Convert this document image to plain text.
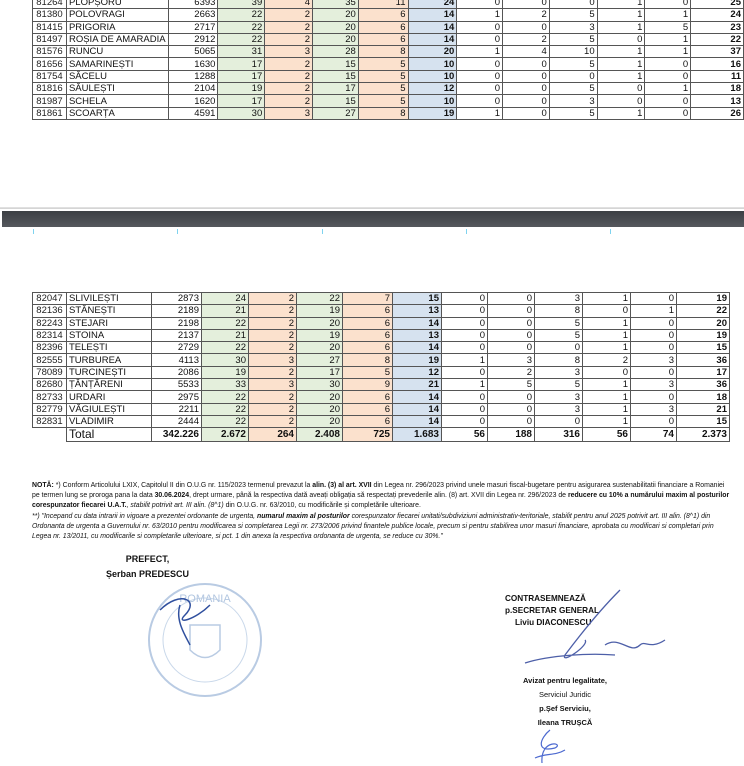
81264	PLOPȘORU	6393	39	4	35	11	24	0	0	0	1	0	25
81380	POLOVRAGI	2663	22	2	20	6	14	1	2	5	1	1	24
81415	PRIGORIA	2717	22	2	20	6	14	0	0	3	1	5	23
81497	ROȘIA DE AMARADIA	2912	22	2	20	6	14	0	2	5	0	1	22
81576	RUNCU	5065	31	3	28	8	20	1	4	10	1	1	37
81656	SAMARINEȘTI	1630	17	2	15	5	10	0	0	5	1	0	16
81754	SĂCELU	1288	17	2	15	5	10	0	0	0	1	0	11
81816	SĂULEȘTI	2104	19	2	17	5	12	0	0	5	0	1	18
81987	SCHELA	1620	17	2	15	5	10	0	0	3	0	0	13
81861	SCOARȚA	4591	30	3	27	8	19	1	0	5	1	0	26
82047	SLIVILEȘTI	2873	24	2	22	7	15	0	0	3	1	0	19
82136	STĂNEȘTI	2189	21	2	19	6	13	0	0	8	0	1	22
82243	STEJARI	2198	22	2	20	6	14	0	0	5	1	0	20
82314	STOINA	2137	21	2	19	6	13	0	0	5	1	0	19
82396	TELEȘTI	2729	22	2	20	6	14	0	0	0	1	0	15
82555	TURBUREA	4113	30	3	27	8	19	1	3	8	2	3	36
78089	TURCINEȘTI	2086	19	2	17	5	12	0	2	3	0	0	17
82680	ȚÂNȚĂRENI	5533	33	3	30	9	21	1	5	5	1	3	36
82733	URDARI	2975	22	2	20	6	14	0	0	3	1	0	18
82779	VĂGIULEȘTI	2211	22	2	20	6	14	0	0	3	1	3	21
82831	VLADIMIR	2444	22	2	20	6	14	0	0	0	1	0	15
	Total	342.226	2.672	264	2.408	725	1.683	56	188	316	56	74	2.373
NOTĂ: *) Conform Articolului LXIX, Capitolul II din O.U.G nr. 115/2023 termenul prevazut la alin. (3) al art. XVII din Legea nr. 296/2023 privind unele masuri fiscal-bugetare pentru asigurarea sustenabilitatii financiare a Romaniei pe termen lung se proroga pana la data 30.06.2024, drept urmare, până la respectiva dată aveați obligația să respectați prevederile alin. (8) art. XVII din Legea nr. 296/2023 de reducere cu 10% a numărului maxim al posturilor corespunzator fiecarei U.A.T., stabilit potrivit art. III alin. (8^1) din O.U.G. nr. 63/2010, cu modificările și completările ulterioare.
**) "Incepand cu data intrarii in vigoare a prezentei ordonante de urgenta, numarul maxim al posturilor corespunzator fiecarei unitati/subdiviziuni administrativ-teritoriale, stabilit pentru anul 2025 potrivit art. III alin. (8^1) din Ordonanta de urgenta a Guvernului nr. 63/2010 pentru modificarea si completarea Legii nr. 273/2006 privind finantele publice locale, precum si pentru stabilirea unor masuri financiare, aprobata cu modificari si completari prin Legea nr. 13/2011, cu modificarile si completarile ulterioare, si pct. 1 din anexa la respectiva ordonanta de urgenta, se reduce cu 30%."
PREFECT,
Șerban PREDESCU
ROMANIA	CONTRASEMNEAZĂ
p.SECRETAR GENERAL
Liviu DIACONESCU
Avizat pentru legalitate,
Serviciul Juridic
p.Șef Serviciu,
Ileana TRUȘCĂ
